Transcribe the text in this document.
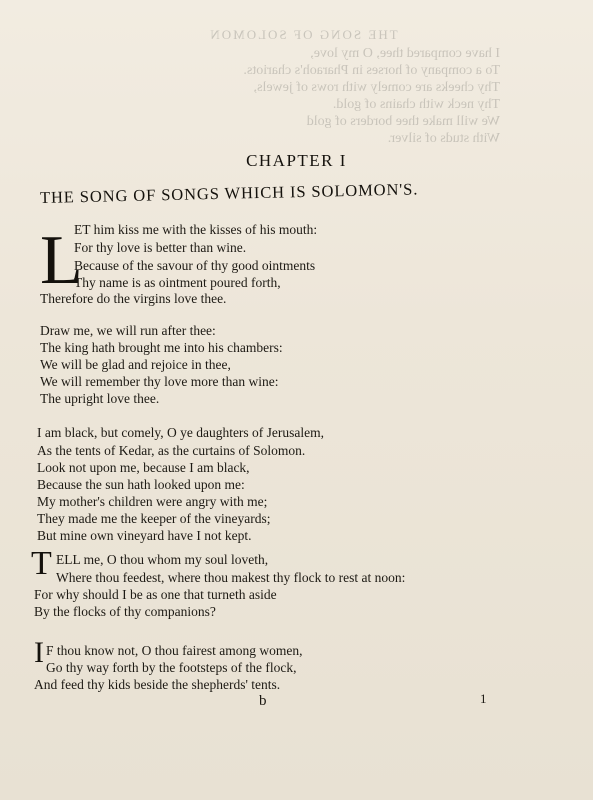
THE SONG OF SOLOMON
I have compared thee, O my love,
To a company of horses in Pharaoh's chariots.
Thy cheeks are comely with rows of jewels,
Thy neck with chains of gold.
We will make thee borders of gold
With studs of silver.
CHAPTER I
THE SONG OF SONGS WHICH IS SOLOMON'S.
L
ET him kiss me with the kisses of his mouth:
For thy love is better than wine.
Because of the savour of thy good ointments
Thy name is as ointment poured forth,
Therefore do the virgins love thee.
Draw me, we will run after thee:
The king hath brought me into his chambers:
We will be glad and rejoice in thee,
We will remember thy love more than wine:
The upright love thee.
I am black, but comely, O ye daughters of Jerusalem,
As the tents of Kedar, as the curtains of Solomon.
Look not upon me, because I am black,
Because the sun hath looked upon me:
My mother's children were angry with me;
They made me the keeper of the vineyards;
But mine own vineyard have I not kept.
T ELL me, O thou whom my soul loveth,
Where thou feedest, where thou makest thy flock to rest at noon:
For why should I be as one that turneth aside
By the flocks of thy companions?
I F thou know not, O thou fairest among women,
Go thy way forth by the footsteps of the flock,
And feed thy kids beside the shepherds' tents.
b	1
